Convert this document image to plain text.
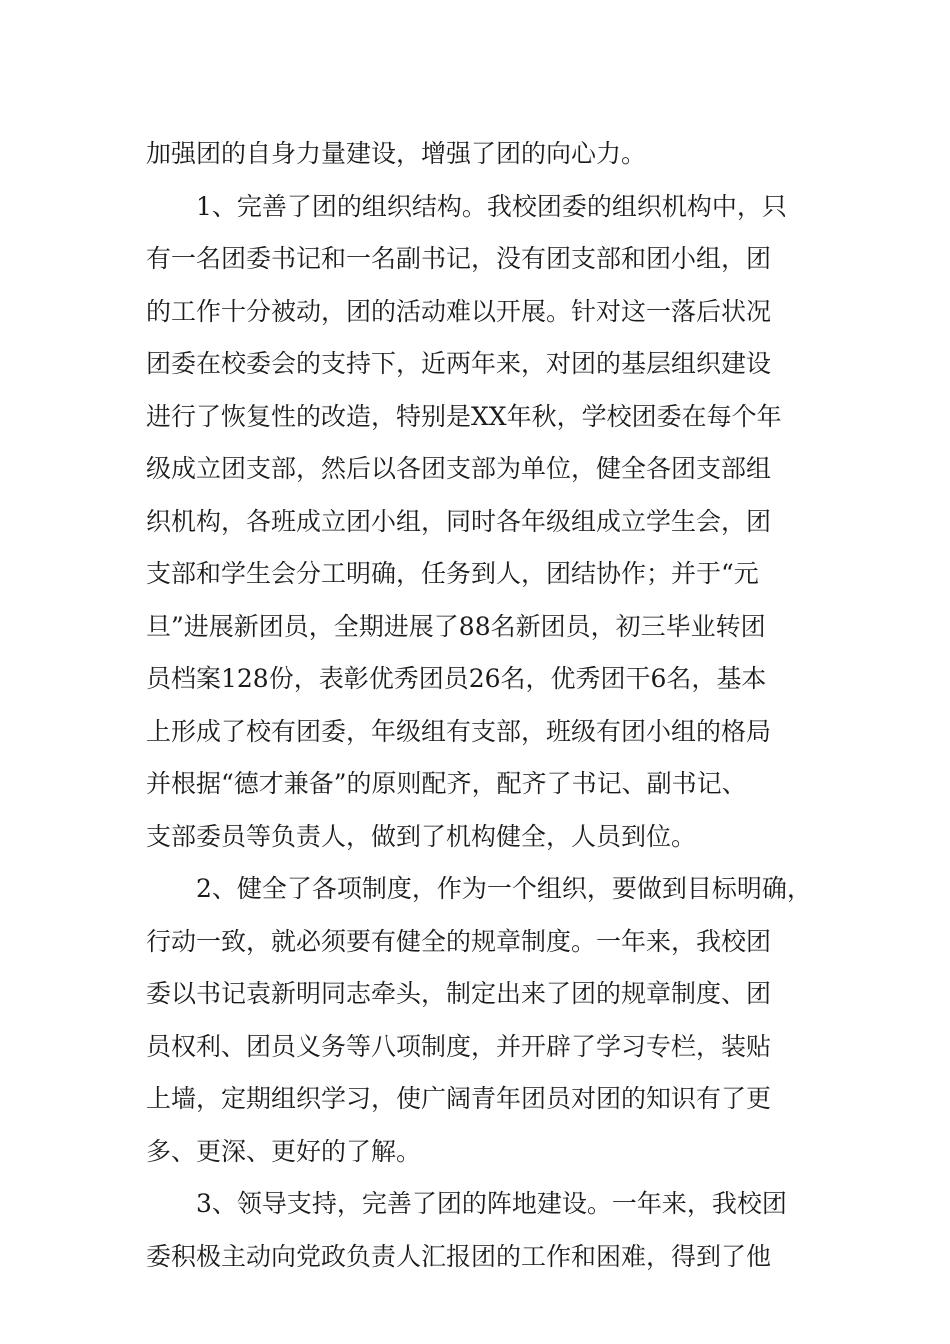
加强团的自身力量建设，增强了团的向心力。
1、完善了团的组织结构。我校团委的组织机构中，只
有一名团委书记和一名副书记，没有团支部和团小组，团
的工作十分被动，团的活动难以开展。针对这一落后状况
团委在校委会的支持下，近两年来，对团的基层组织建设
进行了恢复性的改造，特别是XX年秋，学校团委在每个年
级成立团支部，然后以各团支部为单位，健全各团支部组
织机构，各班成立团小组，同时各年级组成立学生会，团
支部和学生会分工明确，任务到人，团结协作；并于“元
旦”进展新团员，全期进展了88名新团员，初三毕业转团
员档案128份，表彰优秀团员26名，优秀团干6名，基本
上形成了校有团委，年级组有支部，班级有团小组的格局
并根据“德才兼备”的原则配齐，配齐了书记、副书记、
支部委员等负责人，做到了机构健全，人员到位。
2、健全了各项制度，作为一个组织，要做到目标明确，
行动一致，就必须要有健全的规章制度。一年来，我校团
委以书记袁新明同志牵头，制定出来了团的规章制度、团
员权利、团员义务等八项制度，并开辟了学习专栏，装贴
上墙，定期组织学习，使广阔青年团员对团的知识有了更
多、更深、更好的了解。
3、领导支持，完善了团的阵地建设。一年来，我校团
委积极主动向党政负责人汇报团的工作和困难，得到了他
